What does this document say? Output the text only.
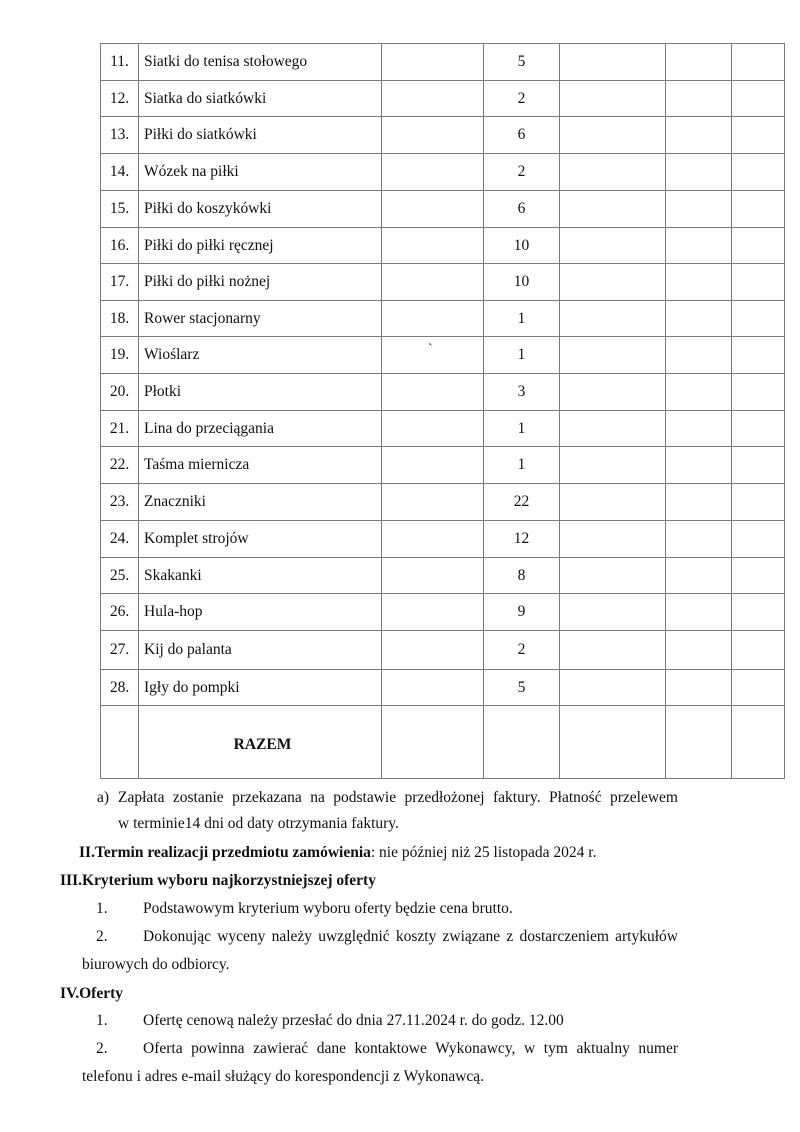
11.	Siatki do tenisa stołowego		5			
12.	Siatka do siatkówki		2			
13.	Piłki do siatkówki		6			
14.	Wózek na piłki		2			
15.	Piłki do koszykówki		6			
16.	Piłki do piłki ręcznej		10			
17.	Piłki do piłki nożnej		10			
18.	Rower stacjonarny		1			
19.	Wioślarz	`	1			
20.	Płotki		3			
21.	Lina do przeciągania		1			
22.	Taśma miernicza		1			
23.	Znaczniki		22			
24.	Komplet strojów		12			
25.	Skakanki		8			
26.	Hula-hop		9			
27.	Kij do palanta		2			
28.	Igły do pompki		5			
	RAZEM					
a) Zapłata zostanie przekazana na podstawie przedłożonej faktury. Płatność przelewem
w terminie14 dni od daty otrzymania faktury.
II.Termin realizacji przedmiotu zamówienia: nie później niż 25 listopada 2024 r.
III.Kryterium wyboru najkorzystniejszej oferty
1. Podstawowym kryterium wyboru oferty będzie cena brutto.
2. Dokonując wyceny należy uwzględnić koszty związane z dostarczeniem artykułów
biurowych do odbiorcy.
IV.Oferty
1. Ofertę cenową należy przesłać do dnia 27.11.2024 r. do godz. 12.00
2. Oferta powinna zawierać dane kontaktowe Wykonawcy, w tym aktualny numer
telefonu i adres e-mail służący do korespondencji z Wykonawcą.
